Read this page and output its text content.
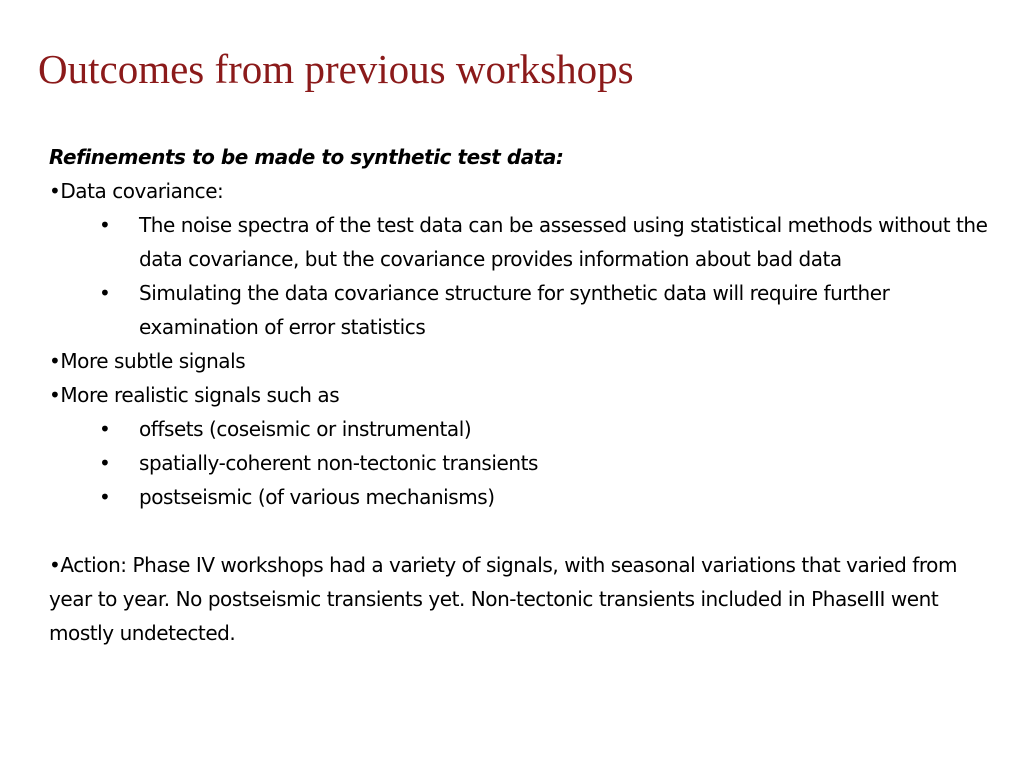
Outcomes from previous workshops
Refinements to be made to synthetic test data:
•Data covariance:
•	The noise spectra of the test data can be assessed using statistical methods without the data covariance, but the covariance provides information about bad data
•	Simulating the data covariance structure for synthetic data will require further examination of error statistics
•More subtle signals
•More realistic signals such as
•	offsets (coseismic or instrumental)
•	spatially-coherent non-tectonic transients
•	postseismic (of various mechanisms)
•Action: Phase IV workshops had a variety of signals, with seasonal variations that varied from year to year. No postseismic transients yet. Non-tectonic transients included in PhaseIII went mostly undetected.
